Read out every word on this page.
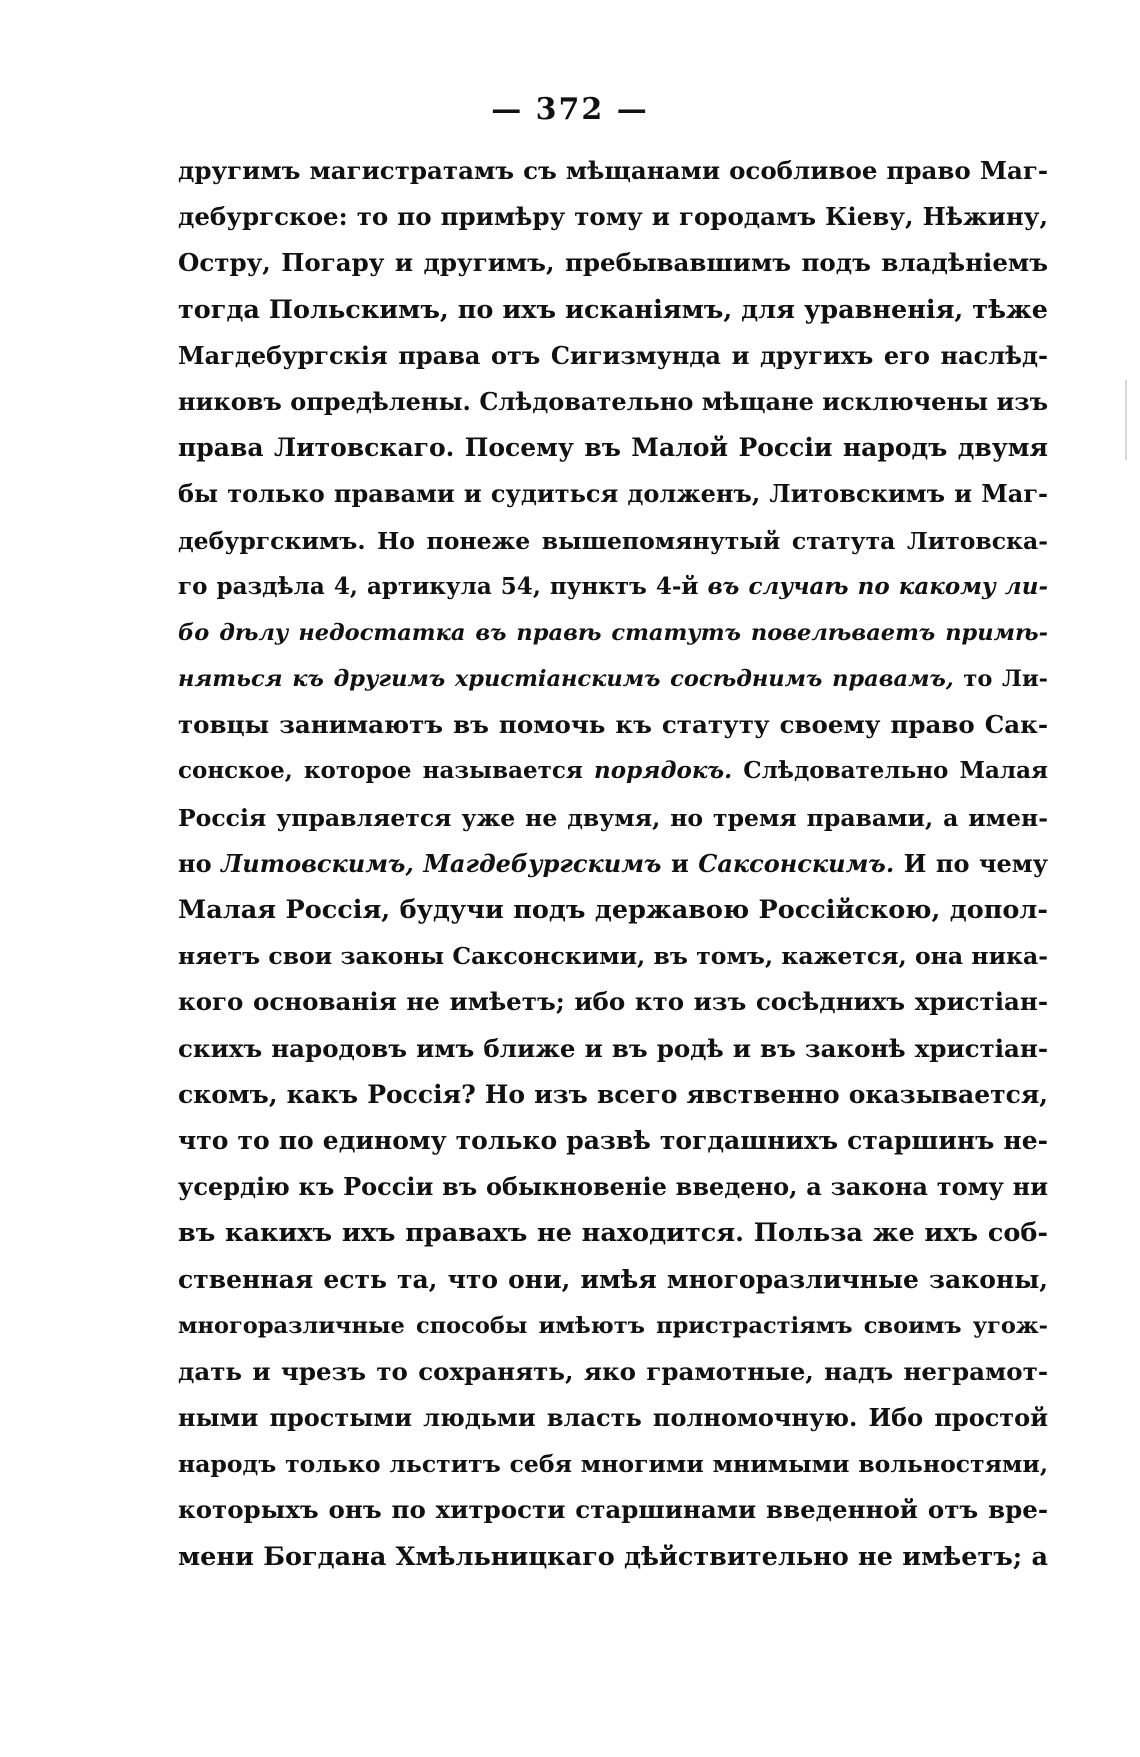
— 372 —
другимъ магистратамъ съ мѣщанами особливое право Маг-
дебургское: то по примѣру тому и городамъ Кіеву, Нѣжину,
Остру, Погару и другимъ, пребывавшимъ подъ владѣніемъ
тогда Польскимъ, по ихъ исканіямъ, для уравненія, тѣже
Магдебургскія права отъ Сигизмунда и другихъ его наслѣд-
никовъ опредѣлены. Слѣдовательно мѣщане исключены изъ
права Литовскаго. Посему въ Малой Россіи народъ двумя
бы только правами и судиться долженъ, Литовскимъ и Маг-
дебургскимъ. Но понеже вышепомянутый статута Литовска-
го раздѣла 4, артикула 54, пунктъ 4-й въ случаѣ по какому ли-
бо дѣлу недостатка въ правѣ статутъ повелѣваетъ примѣ-
няться къ другимъ христіанскимъ сосѣднимъ правамъ, то Ли-
товцы занимаютъ въ помочь къ статуту своему право Сак-
сонское, которое называется порядокъ. Слѣдовательно Малая
Россія управляется уже не двумя, но тремя правами, а имен-
но Литовскимъ, Магдебургскимъ и Саксонскимъ. И по чему
Малая Россія, будучи подъ державою Россійскою, допол-
няетъ свои законы Саксонскими, въ томъ, кажется, она ника-
кого основанія не имѣетъ; ибо кто изъ сосѣднихъ христіан-
скихъ народовъ имъ ближе и въ родѣ и въ законѣ христіан-
скомъ, какъ Россія? Но изъ всего явственно оказывается,
что то по единому только развѣ тогдашнихъ старшинъ не-
усердію къ Россіи въ обыкновеніе введено, а закона тому ни
въ какихъ ихъ правахъ не находится. Польза же ихъ соб-
ственная есть та, что они, имѣя многоразличные законы,
многоразличные способы имѣютъ пристрастіямъ своимъ угож-
дать и чрезъ то сохранять, яко грамотные, надъ неграмот-
ными простыми людьми власть полномочную. Ибо простой
народъ только льститъ себя многими мнимыми вольностями,
которыхъ онъ по хитрости старшинами введенной отъ вре-
мени Богдана Хмѣльницкаго дѣйствительно не имѣетъ; а
